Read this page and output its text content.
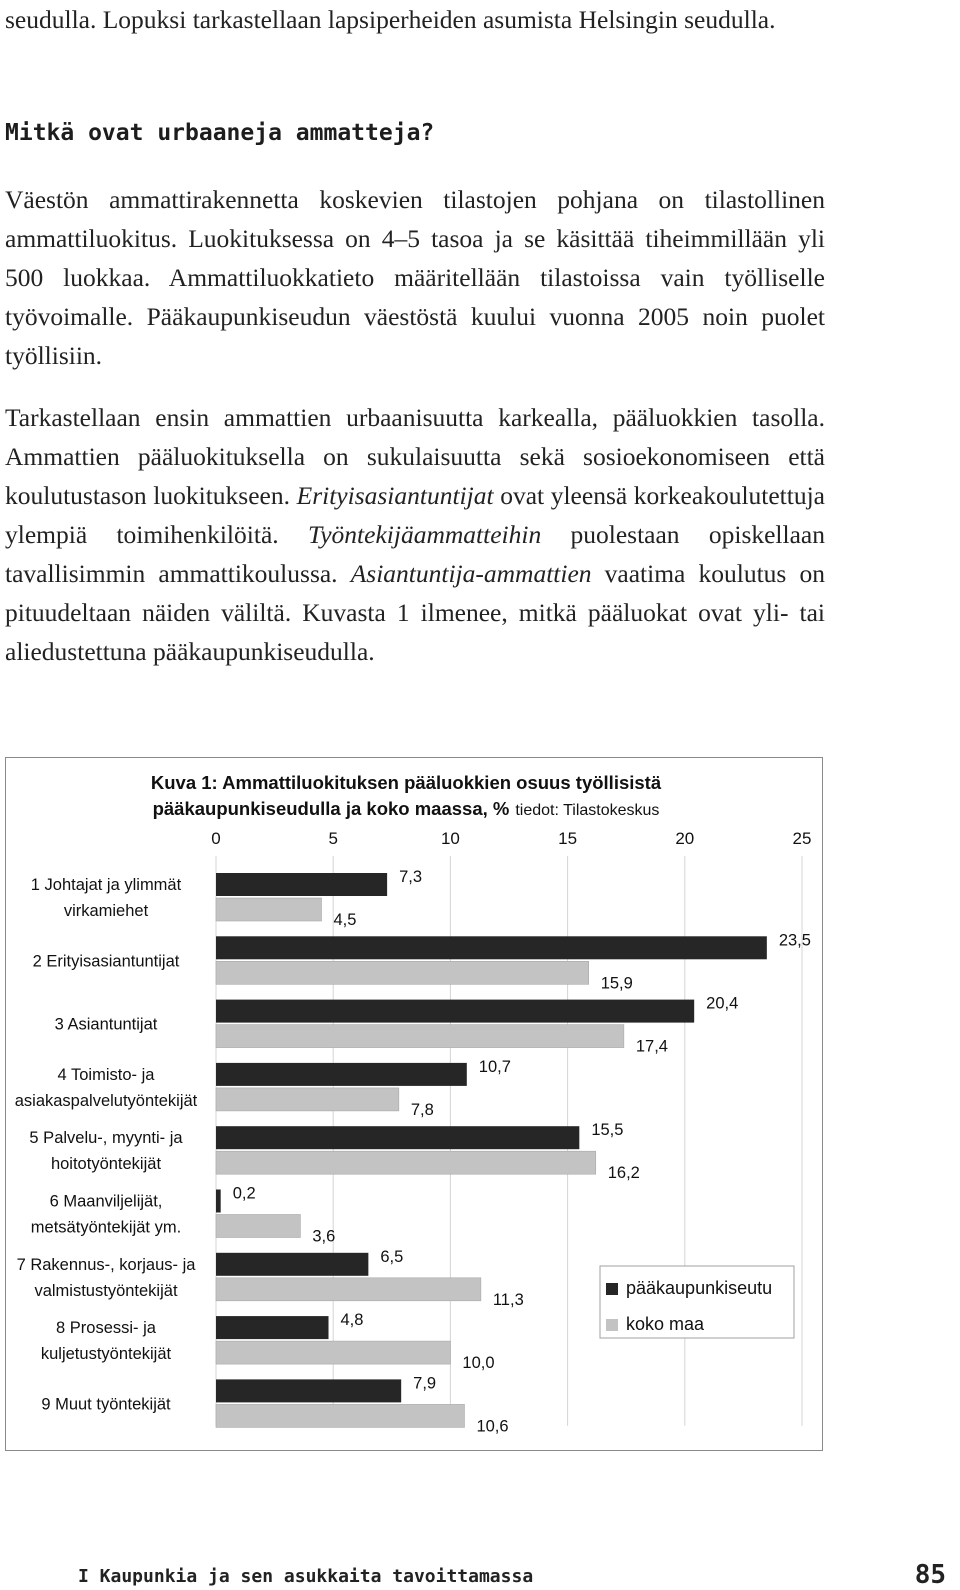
seudulla. Lopuksi tarkastellaan lapsiperheiden asumista Helsingin seudulla.
Mitkä ovat urbaaneja ammatteja?
Väestön ammattirakennetta koskevien tilastojen pohjana on tilastollinen ammattiluokitus. Luokituksessa on 4–5 tasoa ja se käsittää tiheimmillään yli 500 luokkaa. Ammattiluokkatieto määritellään tilastoissa vain työlliselle työvoimalle. Pääkaupunkiseudun väestöstä kuului vuonna 2005 noin puolet työllisiin.
Tarkastellaan ensin ammattien urbaanisuutta karkealla, pääluokkien tasolla. Ammattien pääluokituksella on sukulaisuutta sekä sosioekonomiseen että koulutustason luokitukseen. Erityisasiantuntijat ovat yleensä korkeakoulutettuja ylempiä toimihenkilöitä. Työntekijäammatteihin puolestaan opiskellaan tavallisimmin ammattikoulussa. Asiantuntija-ammattien vaatima koulutus on pituudeltaan näiden väliltä. Kuvasta 1 ilmenee, mitkä pääluokat ovat yli- tai aliedustettuna pääkaupunkiseudulla.
Kuva 1: Ammattiluokituksen pääluokkien osuus työllisistä
pääkaupunkiseudulla ja koko maassa, % tiedot: Tilastokeskus
0	5	10	15	20	25
1 Johtajat ja ylimmät
virkamiehet
2 Erityisasiantuntijat
3 Asiantuntijat
4 Toimisto- ja
asiakaspalvelutyöntekijät
5 Palvelu-, myynti- ja
hoitotyöntekijät
6 Maanviljelijät,
metsätyöntekijät ym.
7 Rakennus-, korjaus- ja
valmistustyöntekijät
8 Prosessi- ja
kuljetustyöntekijät
9 Muut työntekijät
7,3
4,5
23,5
15,9
20,4
17,4
10,7
7,8
15,5
16,2
0,2
3,6
6,5
11,3
4,8
10,0
7,9
10,6
pääkaupunkiseutu
koko maa
I Kaupunkia ja sen asukkaita tavoittamassa	85
